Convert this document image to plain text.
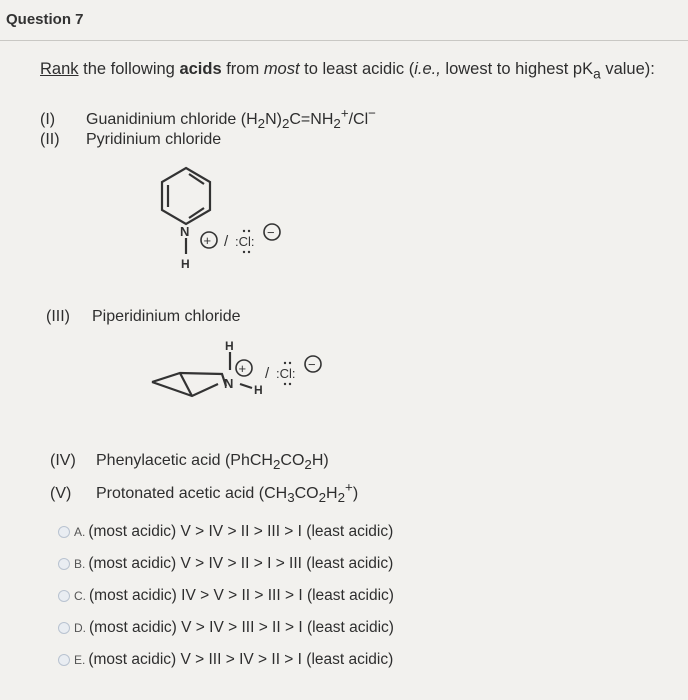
Question 7
Rank the following acids from most to least acidic (i.e., lowest to highest $pK_a$ value):
(I) Guanidinium chloride $(H_2N)_2C=NH_2^+/Cl^-$
(II) Pyridinium chloride
N
H
+ / :Cl:
−
(III) Piperidinium chloride
H
N H
+ / :Cl:
−
(IV) Phenylacetic acid $(PhCH_2CO_2H)$
(V) Protonated acetic acid $(CH_3CO_2H_2^+)$
A. (most acidic) V > IV > II > III > I (least acidic)
B. (most acidic) V > IV > II > I > III (least acidic)
C. (most acidic) IV > V > II > III > I (least acidic)
D. (most acidic) V > IV > III > II > I (least acidic)
E. (most acidic) V > III > IV > II > I (least acidic)
